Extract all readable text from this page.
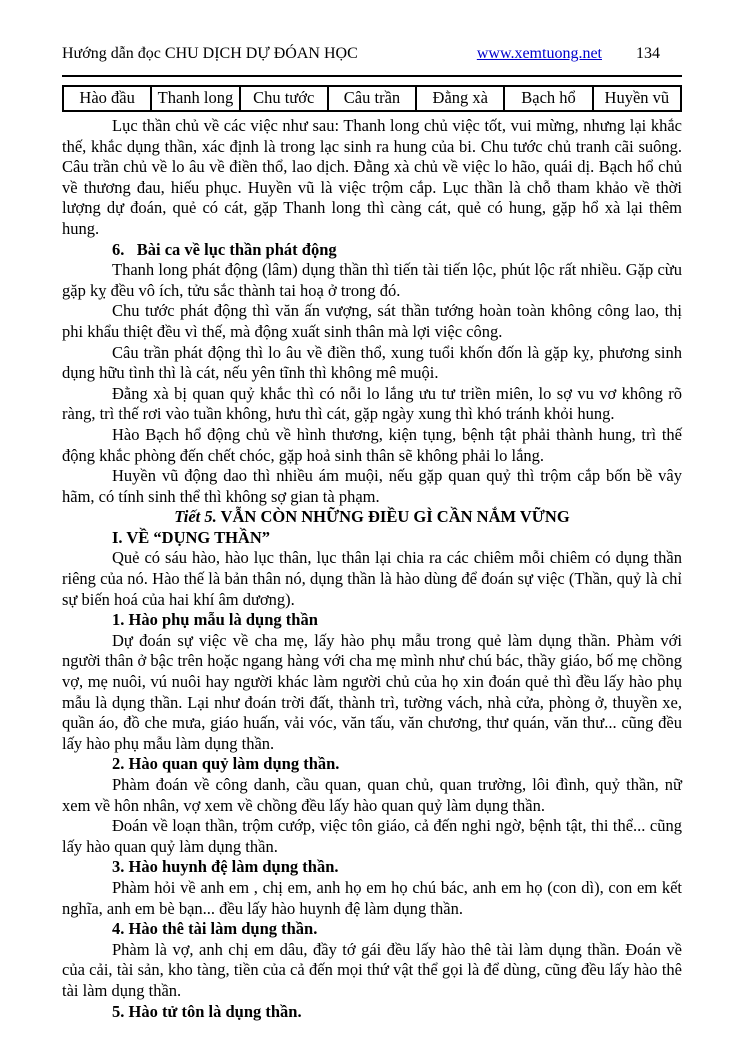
Hướng dẫn đọc CHU DỊCH DỰ ĐÓAN HỌC	www.xemtuong.net 134
Hào đầu	Thanh long	Chu tước	Câu trần	Đằng xà	Bạch hổ	Huyền vũ

Lục thần chủ về các việc như sau: Thanh long chủ việc tốt, vui mừng, nhưng lại khắc thế, khắc dụng thần, xác định là trong lạc sinh ra hung của bi. Chu tước chủ tranh cãi suông. Câu trần chủ về lo âu về điền thổ, lao dịch. Đằng xà chủ về việc lo hão, quái dị. Bạch hổ chủ về thương đau, hiếu phục. Huyền vũ là việc trộm cắp. Lục thần là chỗ tham khảo về thời lượng dự đoán, quẻ có cát, gặp Thanh long thì càng cát, quẻ có hung, gặp hổ xà lại thêm hung.

6.   Bài ca về lục thần phát động

Thanh long phát động (lâm) dụng thần thì tiến tài tiến lộc, phút lộc rất nhiều. Gặp cừu gặp kỵ đều vô ích, tửu sắc thành tai hoạ ở trong đó.

Chu tước phát động thì văn ấn vượng, sát thần tướng hoàn toàn không công lao, thị phi khẩu thiệt đều vì thế, mà động xuất sinh thân mà lợi việc công.

Câu trần phát động thì lo âu về điền thổ, xung tuổi khốn đốn là gặp kỵ, phương sinh dụng hữu tình thì là cát, nếu yên tĩnh thì không mê muội.

Đằng xà bị quan quỷ khắc thì có nỗi lo lắng ưu tư triền miên, lo sợ vu vơ không rõ ràng, trì thế rơi vào tuần không, hưu thì cát, gặp ngày xung thì khó tránh khỏi hung.

Hào Bạch hổ động chủ về hình thương, kiện tụng, bệnh tật phải thành hung, trì thế động khắc phòng đến chết chóc, gặp hoả sinh thân sẽ không phải lo lắng.

Huyền vũ động dao thì nhiều ám muội, nếu gặp quan quỷ thì trộm cắp bốn bề vây hãm, có tính sinh thể thì không sợ gian tà phạm.

Tiết 5. VẪN CÒN NHỮNG ĐIỀU GÌ CẦN NẮM VỮNG

I. VỀ “DỤNG THẦN”

Quẻ có sáu hào, hào lục thân, lục thân lại chia ra các chiêm mỗi chiêm có dụng thần riêng của nó. Hào thế là bản thân nó, dụng thần là hào dùng để đoán sự việc (Thần, quỷ là chỉ sự biến hoá của hai khí âm dương).

1. Hào phụ mẫu là dụng thần

Dự đoán sự việc về cha mẹ, lấy hào phụ mẫu trong quẻ làm dụng thần. Phàm với người thân ở bậc trên hoặc ngang hàng với cha mẹ mình như chú bác, thầy giáo, bố mẹ chồng vợ, mẹ nuôi, vú nuôi hay người khác làm người chủ của họ xin đoán quẻ thì đều lấy hào phụ mẫu là dụng thần. Lại như đoán trời đất, thành trì, tường vách, nhà cửa, phòng ở, thuyền xe, quần áo, đồ che mưa, giáo huấn, vải vóc, văn tấu, văn chương, thư quán, văn thư... cũng đều lấy hào phụ mẫu làm dụng thần.

2. Hào quan quỷ làm dụng thần.

Phàm đoán về công danh, cầu quan, quan chủ, quan trường, lôi đình, quỷ thần, nữ xem về hôn nhân, vợ xem về chồng đều lấy hào quan quỷ làm dụng thần.

Đoán về loạn thần, trộm cướp, việc tôn giáo, cả đến nghi ngờ, bệnh tật, thi thể... cũng lấy hào quan quỷ làm dụng thần.

3. Hào huynh đệ làm dụng thần.

Phàm hỏi về anh em , chị em, anh họ em họ chú bác, anh em họ (con dì), con em kết nghĩa, anh em bè bạn... đều lấy hào huynh đệ làm dụng thần.

4. Hào thê tài làm dụng thần.

Phàm là vợ, anh chị em dâu, đầy tớ gái đều lấy hào thê tài làm dụng thần. Đoán về của cải, tài sản, kho tàng, tiền của cả đến mọi thứ vật thể gọi là để dùng, cũng đều lấy hào thê tài làm dụng thần.

5. Hào tử tôn là dụng thần.
